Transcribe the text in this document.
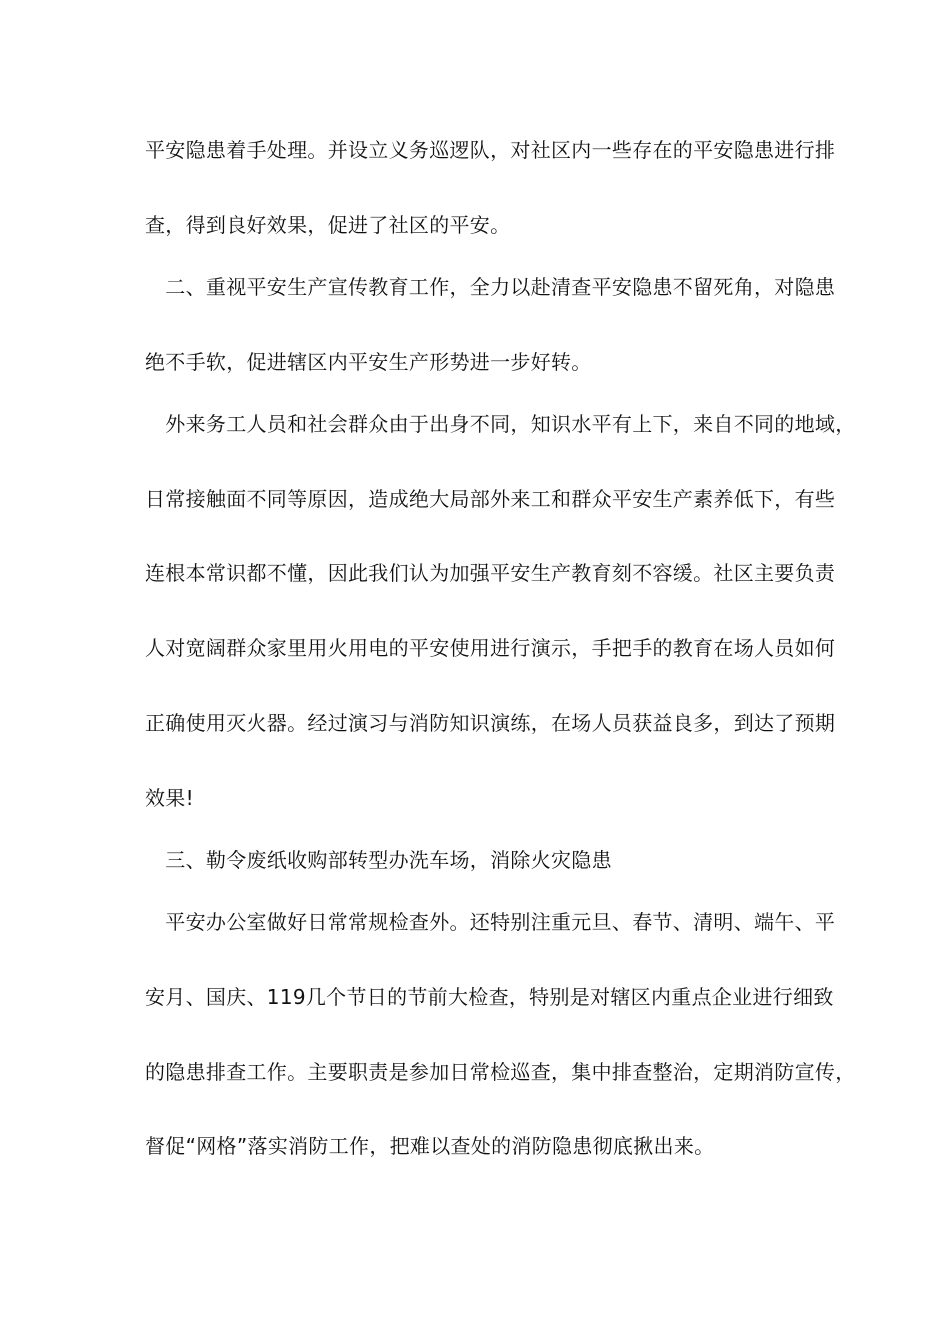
平安隐患着手处理。并设立义务巡逻队，对社区内一些存在的平安隐患进行排
查，得到良好效果，促进了社区的平安。
　二、重视平安生产宣传教育工作，全力以赴清查平安隐患不留死角，对隐患
绝不手软，促进辖区内平安生产形势进一步好转。
　外来务工人员和社会群众由于出身不同，知识水平有上下，来自不同的地域，
日常接触面不同等原因，造成绝大局部外来工和群众平安生产素养低下，有些
连根本常识都不懂，因此我们认为加强平安生产教育刻不容缓。社区主要负责
人对宽阔群众家里用火用电的平安使用进行演示，手把手的教育在场人员如何
正确使用灭火器。经过演习与消防知识演练，在场人员获益良多，到达了预期
效果!
　三、勒令废纸收购部转型办洗车场，消除火灾隐患
　平安办公室做好日常常规检查外。还特别注重元旦、春节、清明、端午、平
安月、国庆、119几个节日的节前大检查，特别是对辖区内重点企业进行细致
的隐患排查工作。主要职责是参加日常检巡查，集中排查整治，定期消防宣传，
督促“网格”落实消防工作，把难以查处的消防隐患彻底揪出来。
